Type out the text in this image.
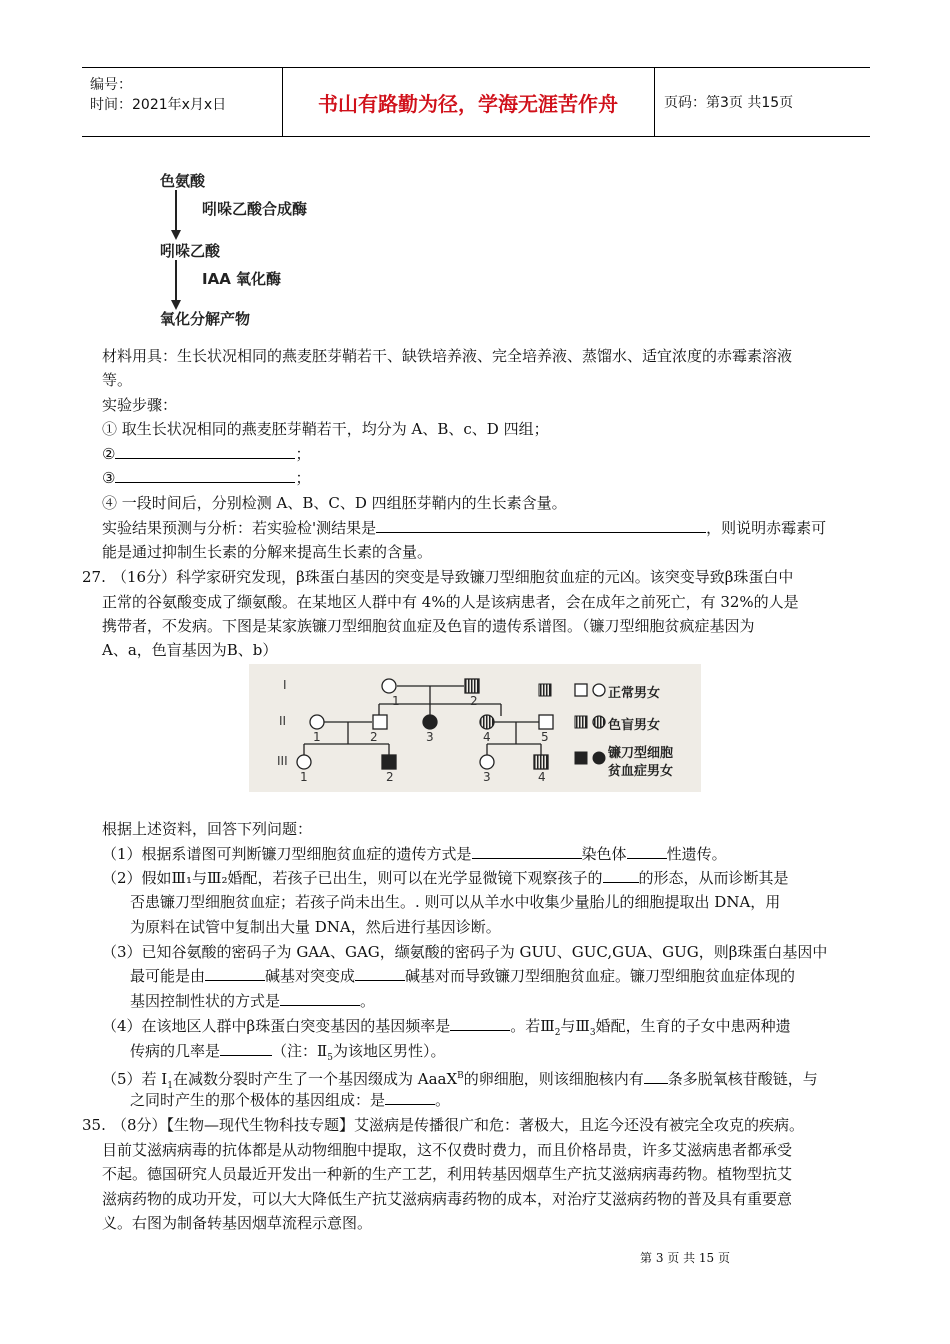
编号：
时间：2021年x月x日	书山有路勤为径，学海无涯苦作舟	页码：第3页 共15页
色氨酸
吲哚乙酸合成酶
吲哚乙酸
IAA 氧化酶
氧化分解产物
材料用具：生长状况相同的燕麦胚芽鞘若干、缺铁培养液、完全培养液、蒸馏水、适宜浓度的赤霉素溶液
等。
实验步骤：
① 取生长状况相同的燕麦胚芽鞘若干，均分为 A、B、c、D 四组；
②	；
③	；
④ 一段时间后，分别检测 A、B、C、D 四组胚芽鞘内的生长素含量。
实验结果预测与分析：若实验检'测结果是	，则说明赤霉素可
能是通过抑制生长素的分解来提高生长素的含量。
27. （16分）科学家研究发现，β珠蛋白基因的突变是导致镰刀型细胞贫血症的元凶。该突变导致β珠蛋白中
正常的谷氨酸变成了缬氨酸。在某地区人群中有 4%的人是该病患者，会在成年之前死亡，有 32%的人是
携带者，不发病。下图是某家族镰刀型细胞贫血症及色盲的遗传系谱图。（镰刀型细胞贫疯症基因为
A、a，色盲基因为B、b）
I
II
III
1	2
1	2	3	4	5
1	2	3	4
正常男女
色盲男女
镰刀型细胞
贫血症男女
根据上述资料，回答下列问题：
（1）根据系谱图可判断镰刀型细胞贫血症的遗传方式是	染色体	性遗传。
（2）假如Ⅲ₁与Ⅲ₂婚配，若孩子已出生，则可以在光学显微镜下观察孩子的 的形态，从而诊断其是
否患镰刀型细胞贫血症；若孩子尚未出生。. 则可以从羊水中收集少量胎儿的细胞提取出 DNA，用
为原料在试管中复制出大量 DNA，然后进行基因诊断。
（3）已知谷氨酸的密码子为 GAA、GAG，缬氨酸的密码子为 GUU、GUC,GUA、GUG，则β珠蛋白基因中
最可能是由	碱基对突变成	碱基对而导致镰刀型细胞贫血症。镰刀型细胞贫血症体现的
基因控制性状的方式是	。
（4）在该地区人群中β珠蛋白突变基因的基因频率是	。若$Ⅲ_2$与$Ⅲ_3$婚配，生育的子女中患两种遗
传病的几率是	（注：$Ⅱ_5$为该地区男性）。
（5）若 $I_1$在减数分裂时产生了一个基因缀成为 AaaX$^B$的卵细胞，则该细胞核内有 条多脱氧核苷酸链，与
之同时产生的那个极体的基因组成：是	。
35. （8分）【生物—现代生物科技专题】艾滋病是传播很广和危：著极大，且迄今还没有被完全攻克的疾病。
目前艾滋病病毒的抗体都是从动物细胞中提取，这不仅费时费力，而且价格昂贵，许多艾滋病患者都承受
不起。德国研究人员最近开发出一种新的生产工艺，利用转基因烟草生产抗艾滋病病毒药物。植物型抗艾
滋病药物的成功开发，可以大大降低生产抗艾滋病病毒药物的成本，对治疗艾滋病药物的普及具有重要意
义。右图为制备转基因烟草流程示意图。
第 3 页 共 15 页
